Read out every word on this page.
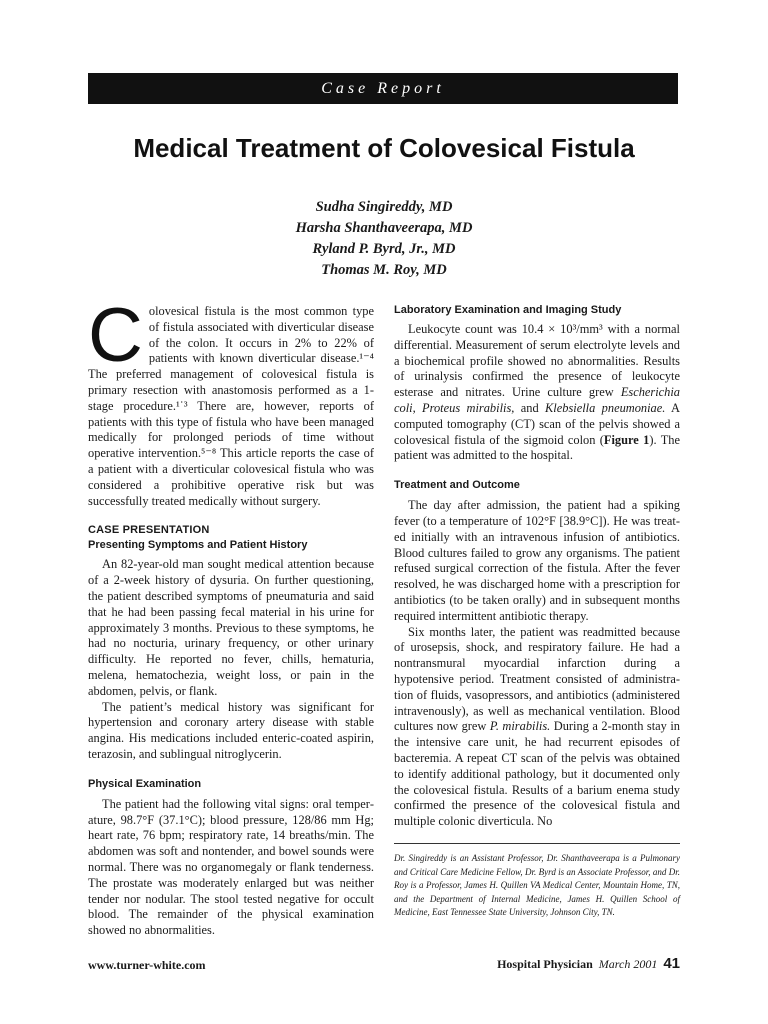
Case Report
Medical Treatment of Colovesical Fistula
Sudha Singireddy, MD
Harsha Shanthaveerapa, MD
Ryland P. Byrd, Jr., MD
Thomas M. Roy, MD

Colovesical fistula is the most common type of fistula associated with diverticular disease of the colon. It occurs in 2% to 22% of patients with known diverticular disease.¹⁻⁴ The preferred management of colovesical fistula is primary resection with anastomosis performed as a 1-stage procedure.¹ˈ³ There are, however, reports of patients with this type of fistula who have been managed medically for prolonged periods of time without operative intervention.⁵⁻⁸ This article reports the case of a patient with a diverticular colovesical fistula who was considered a prohibitive operative risk but was successfully treated medically without surgery.

CASE PRESENTATION
Presenting Symptoms and Patient History

An 82-year-old man sought medical attention because of a 2-week history of dysuria. On further questioning, the patient described symptoms of pneumaturia and said that he had been passing fecal material in his urine for approximately 3 months. Previous to these symptoms, he had no nocturia, urinary frequency, or other urinary difficulty. He reported no fever, chills, hematuria, melena, hematochezia, weight loss, or pain in the abdomen, pelvis, or flank.

The patient’s medical history was significant for hypertension and coronary artery disease with stable angina. His medications included enteric-coated aspirin, terazosin, and sublingual nitroglycerin.

Physical Examination

The patient had the following vital signs: oral temperature, 98.7°F (37.1°C); blood pressure, 128/86 mm Hg; heart rate, 76 bpm; respiratory rate, 14 breaths/min. The abdomen was soft and nontender, and bowel sounds were normal. There was no organomegaly or flank tenderness. The prostate was moderately enlarged but was neither tender nor nodular. The stool tested negative for occult blood. The remainder of the physical examination showed no abnormalities.

Laboratory Examination and Imaging Study

Leukocyte count was 10.4 × 10³/mm³ with a normal differential. Measurement of serum electrolyte levels and a biochemical profile showed no abnormalities. Results of urinalysis confirmed the presence of leukocyte esterase and nitrates. Urine culture grew Escherichia coli, Proteus mirabilis, and Klebsiella pneumoniae. A computed tomography (CT) scan of the pelvis showed a colovesical fistula of the sigmoid colon (Figure 1). The patient was admitted to the hospital.

Treatment and Outcome

The day after admission, the patient had a spiking fever (to a temperature of 102°F [38.9°C]). He was treated initially with an intravenous infusion of antibiotics. Blood cultures failed to grow any organisms. The patient refused surgical correction of the fistula. After the fever resolved, he was discharged home with a prescription for antibiotics (to be taken orally) and in subsequent months required intermittent antibiotic therapy.

Six months later, the patient was readmitted because of urosepsis, shock, and respiratory failure. He had a nontransmural myocardial infarction during a hypotensive period. Treatment consisted of administration of fluids, vasopressors, and antibiotics (administered intravenously), as well as mechanical ventilation. Blood cultures now grew P. mirabilis. During a 2-month stay in the intensive care unit, he had recurrent episodes of bacteremia. A repeat CT scan of the pelvis was obtained to identify additional pathology, but it documented only the colovesical fistula. Results of a barium enema study confirmed the presence of the colovesical fistula and multiple colonic diverticula. No

Dr. Singireddy is an Assistant Professor, Dr. Shanthaveerapa is a Pulmonary and Critical Care Medicine Fellow, Dr. Byrd is an Associate Professor, and Dr. Roy is a Professor, James H. Quillen VA Medical Center, Mountain Home, TN, and the Department of Internal Medicine, James H. Quillen School of Medicine, East Tennessee State University, Johnson City, TN.
www.turner-white.com	Hospital Physician March 2001 41
